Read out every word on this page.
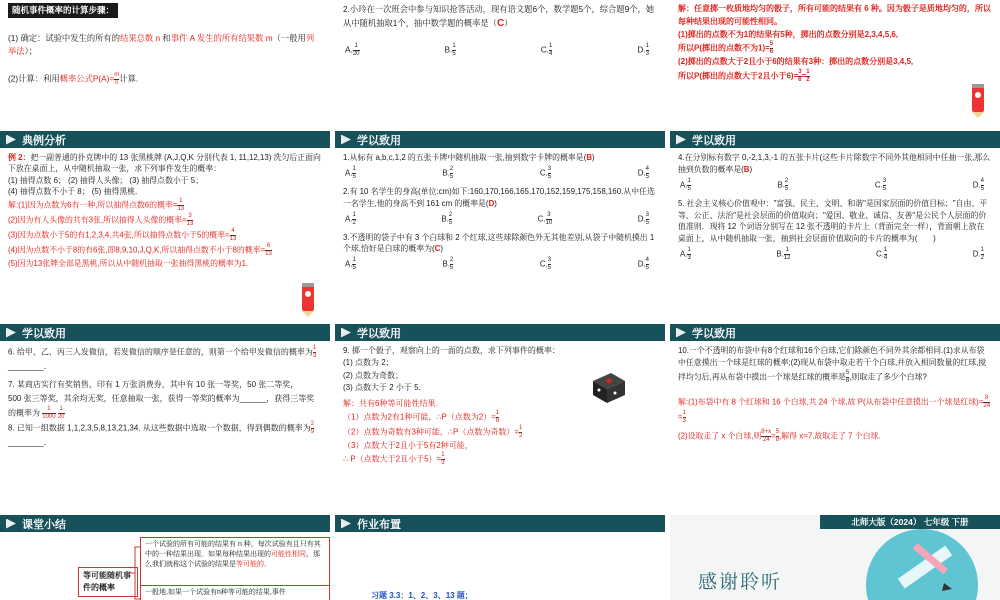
随机事件概率的计算步骤：
(1) 确定：试验中发生的所有的结果总数 n 和事件 A 发生的所有结果数 m（一般用列举法）；
(2)计算：利用概率公式$P(A)= \frac{m}{n}$ 计算.
2.小玲在一次班会中参与知识抢答活动，现有语文题6个，数学题5个，综合题9个，她从中随机抽取1个，抽中数学题的概率是（C）
A. $\frac{1}{20}$	B. $\frac{1}{5}$	C. $\frac{1}{4}$	D. $\frac{1}{3}$
解：任意掷一枚质地均匀的骰子，所有可能的结果有 6 种。因为骰子是质地均匀的，所以每种结果出现的可能性相同。
(1)掷出的点数不为1的结果有5种，掷出的点数分别是2,3,4,5,6,
所以P(掷出的点数不为$1)= \frac{5}{6}$
(2)掷出的点数大于2且小于6的结果有3种：掷出的点数分别是3,4,5,
所以P(掷出的点数大于2且小于$6)= \frac{3}{6} = \frac{1}{2}$
典例分析
例 2：把一副普通的扑克牌中的 13 张黑桃牌 (A,J,Q,K 分别代表 1, 11,12,13) 洗匀后正面向下放在桌面上，从中随机抽取一张，求下列事件发生的概率：
(1) 抽得点数 6； (2) 抽得人头像； (3) 抽得点数小于 5；
(4) 抽得点数不小于 8； (5) 抽得黑桃.
解:(1)因为点数为6有一种,所以抽得点数6的概率= $\frac{1}{13}$
(2)因为有人头像的共有3张,所以抽得人头像的概率= $\frac{3}{13}$
(3)因为点数小于5的有1,2,3,4,共4张,所以抽得点数小于5的概率= $\frac{4}{13}$
(4)因为点数不小于8的有6张,即8,9,10,J,Q,K,所以抽得点数不小于8的概率= $\frac{6}{13}$
(5)因为13张牌全部是黑桃,所以从中随机抽取一张抽得黑桃的概率为1.
学以致用
1.从标有 a,b,c,1,2 的五张卡牌中随机抽取一张,抽到数字卡牌的概率是(B)
A. $\frac{1}{5}$	B. $\frac{2}{5}$	C. $\frac{3}{5}$	D. $\frac{4}{5}$
2.有 10 名学生的身高(单位:cm)如下:160,170,166,165,170,152,159,175,158,160.从中任选一名学生,他的身高不到 161 cm 的概率是(D)
A. $\frac{1}{2}$	B. $\frac{2}{5}$	C. $\frac{3}{10}$	D. $\frac{3}{5}$
3.不透明的袋子中有 3 个白球和 2 个红球,这些球除颜色外无其他差别,从袋子中随机摸出 1 个球,恰好是白球的概率为(C)
A. $\frac{1}{5}$	B. $\frac{2}{5}$	C. $\frac{3}{5}$	D. $\frac{4}{5}$
学以致用
4.在分别标有数字 0,-2,1,3,-1 的五张卡片(这些卡片除数字不同外其他相同中任抽一张,那么抽到负数的概率是(B)
A. $\frac{1}{5}$	B. $\frac{2}{5}$	C. $\frac{3}{5}$	D. $\frac{4}{5}$
5. 社会主义核心价值观中："富强、民主、文明、和谐"是国家层面的价值目标；"自由、平等、公正、法治"是社会层面的价值取向；"爱国、敬业、诚信、友善"是公民个人层面的价值准则．现将 12 个词语分别写在 12 张不透明的卡片上（背面完全一样），背面朝上放在桌面上，从中随机抽取一张，抽到社会层面价值取向的卡片的概率为(　　)
A. $\frac{1}{3}$	B. $\frac{1}{12}$	C. $\frac{1}{4}$	D. $\frac{1}{2}$
学以致用
6. 给甲、乙、丙三人发微信，若发微信的顺序是任意的，则第一个给甲发微信的概率为 $\frac{1}{3}$
________．
7. 某商店实行有奖销售，印有 1 万张消费券，其中有 10 张一等奖，50 张二等奖，
500 张三等奖，其余均无奖，任意抽取一张，获得一等奖的概率为______，获得三等奖的概率为 $\frac{1}{1000}$
$\frac{1}{20}$
8. 已知一组数据 1,1,2,3,5,8,13,21,34. 从这些数据中选取一个数据，得到偶数的概率为 $\frac{2}{9}$
________．
学以致用
9. 掷一个骰子，观察向上的一面的点数，求下列事件的概率：
(1) 点数为 2；
(2) 点数为奇数；
(3) 点数大于 2 小于 5.
解：共有6种等可能性结果.
（1）点数为2有1种可能，∴P（点数为$2)= \frac{1}{6}$
（2）点数为奇数有3种可能，∴P（点数为奇数）= $\frac{1}{2}$
（3）点数大于2且小于5有2种可能，
∴ P（点数大于2且小于$5)= \frac{1}{3}$
学以致用
10.一个不透明的布袋中有8个红球和16个白球,它们除颜色不同外其余都相同.(1)求从布袋中任意摸出一个球是红球的概率;(2)现从布袋中取走若干个白球,并放入相同数量的红球,搅拌均匀后,再从布袋中摸出一个球是红球的概率是 $\frac{5}{8}$ ,则取走了多少个白球?
解:(1)布袋中有 8 个红球和 16 个白球,共 24 个球,故 P(从布袋中任意摸出一个球是红球)= $\frac{8}{24}$
= $\frac{1}{3}$
(2)设取走了 x 个白球,则 $\frac{8+x}{24} = \frac{5}{8}$ ,解得 x=7.故取走了 7 个白球.
课堂小结
一个试验的所有可能的结果有 n 种，每次试验有且只有其中的一种结果出现．如果每种结果出现的可能性相同，那么我们就称这个试验的结果是等可能的．
等可能随机事件的概率
一般地,如果一个试验有n种等可能的结果,事件
作业布置
习题 3.3：1、2、3、13 题；
北师大版（2024） 七年级 下册
感谢聆听
